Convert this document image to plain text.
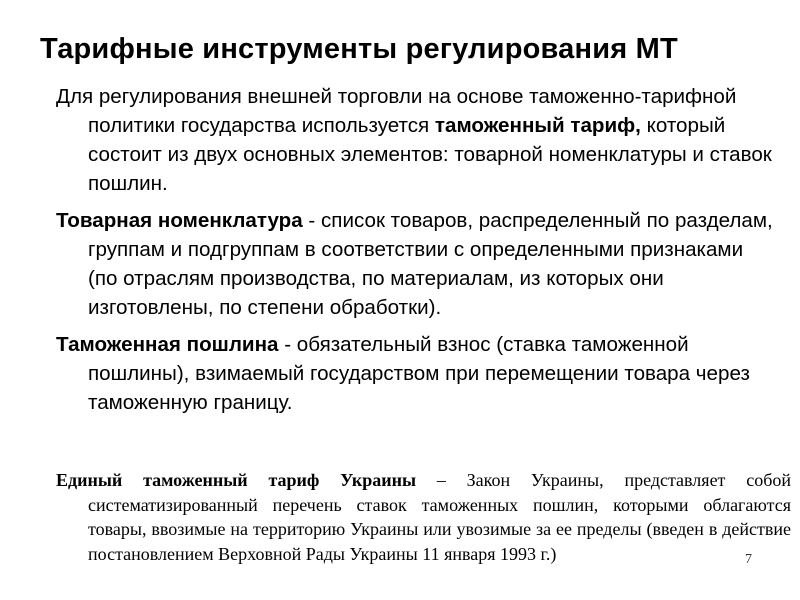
Тарифные инструменты регулирования МТ

Для регулирования внешней торговли на основе таможенно-тарифной политики государства используется таможенный тариф, который состоит из двух основных элементов: товарной номенклатуры и ставок пошлин.

Товарная номенклатура - список товаров, распределенный по разделам, группам и подгруппам в соответствии с определенными признаками (по отраслям производства, по материалам, из которых они изготовлены, по степени обработки).

Таможенная пошлина - обязательный взнос (ставка таможенной пошлины), взимаемый государством при перемещении товара через таможенную границу.

Единый таможенный тариф Украины – Закон Украины, представляет собой систематизированный перечень ставок таможенных пошлин, которыми облагаются товары, ввозимые на территорию Украины или увозимые за ее пределы (введен в действие постановлением Верховной Рады Украины 11 января 1993 г.)	7
